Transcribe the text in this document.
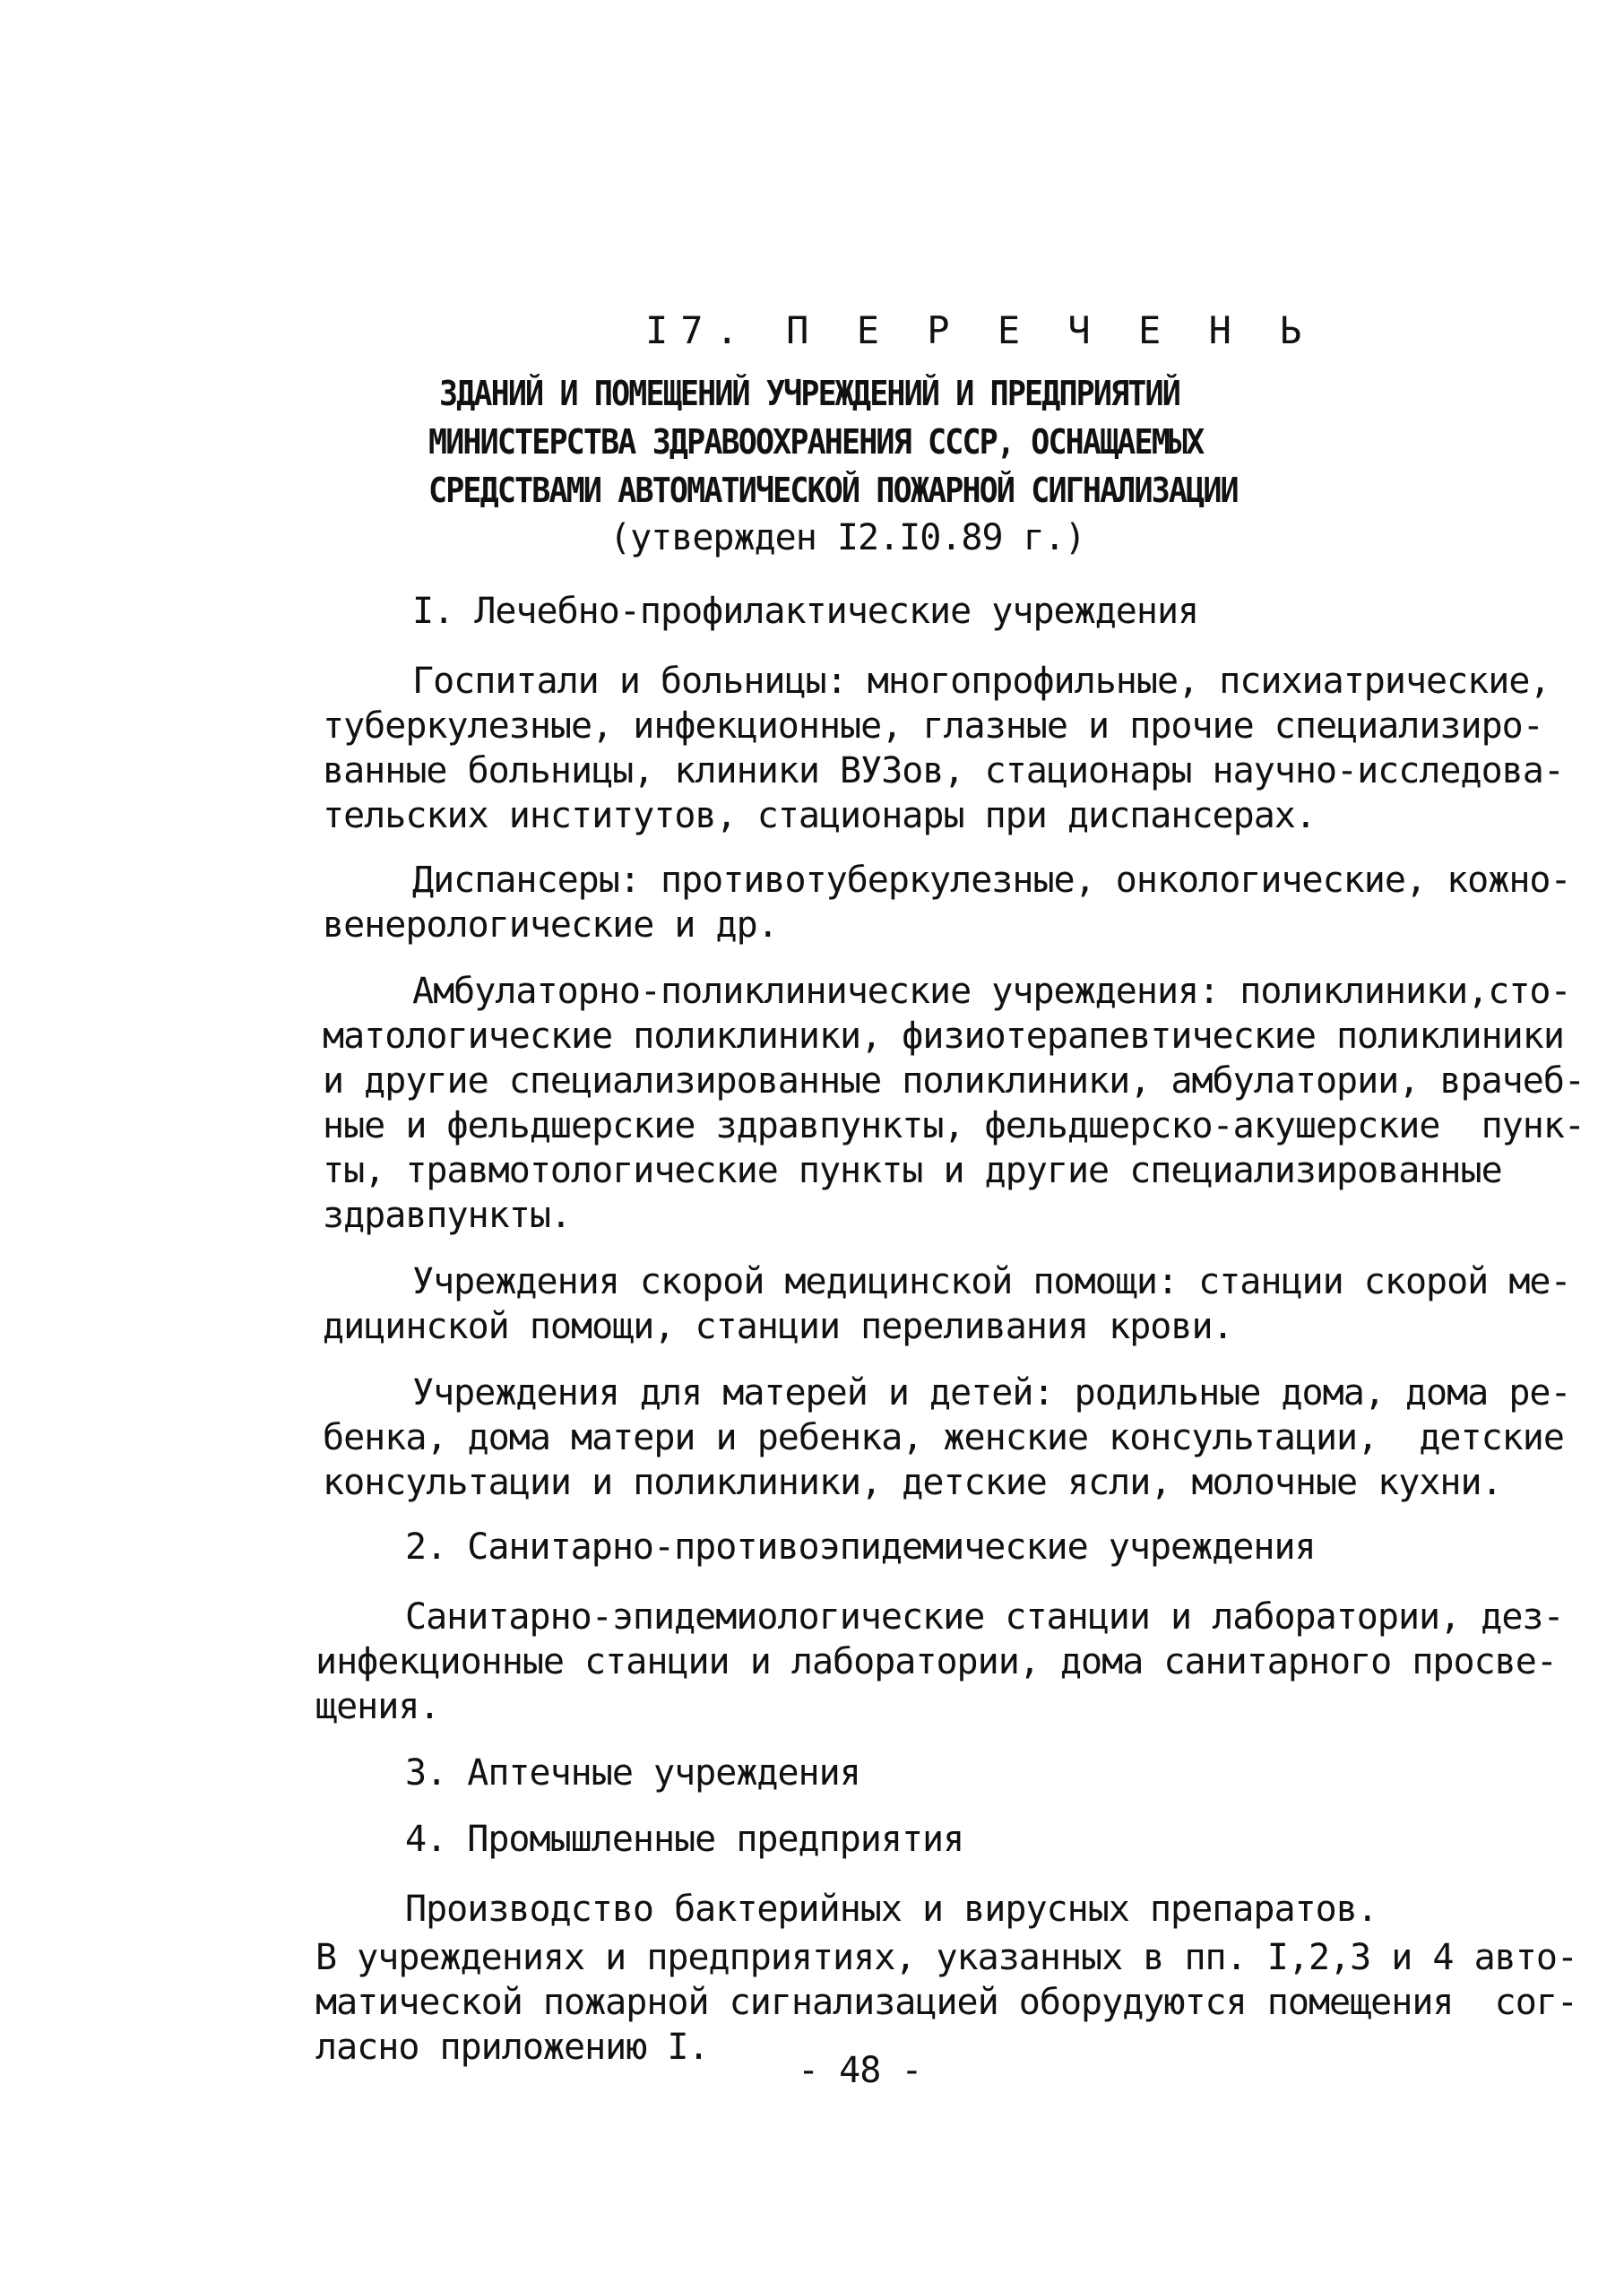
I7. П Е Р Е Ч Е Н Ь
ЗДАНИЙ И ПОМЕЩЕНИЙ УЧРЕЖДЕНИЙ И ПРЕДПРИЯТИЙ
МИНИСТЕРСТВА ЗДРАВООХРАНЕНИЯ СССР, ОСНАЩАЕМЫХ
СРЕДСТВАМИ АВТОМАТИЧЕСКОЙ ПОЖАРНОЙ СИГНАЛИЗАЦИИ
(утвержден I2.I0.89 г.)
I. Лечебно-профилактические учреждения
Госпитали и больницы: многопрофильные, психиатрические,
туберкулезные, инфекционные, глазные и прочие специализиро-
ванные больницы, клиники ВУЗов, стационары научно-исследова-
тельских институтов, стационары при диспансерах.
Диспансеры: противотуберкулезные, онкологические, кожно-
венерологические и др.
Амбулаторно-поликлинические учреждения: поликлиники,сто-
матологические поликлиники, физиотерапевтические поликлиники
и другие специализированные поликлиники, амбулатории, врачеб-
ные и фельдшерские здравпункты, фельдшерско-акушерские  пунк-
ты, травмотологические пункты и другие специализированные
здравпункты.
Учреждения скорой медицинской помощи: станции скорой ме-
дицинской помощи, станции переливания крови.
Учреждения для матерей и детей: родильные дома, дома ре-
бенка, дома матери и ребенка, женские консультации,  детские
консультации и поликлиники, детские ясли, молочные кухни.
2. Санитарно-противоэпидемические учреждения
Санитарно-эпидемиологические станции и лаборатории, дез-
инфекционные станции и лаборатории, дома санитарного просве-
щения.
3. Аптечные учреждения
4. Промышленные предприятия
Производство бактерийных и вирусных препаратов.
В учреждениях и предприятиях, указанных в пп. I,2,3 и 4 авто-
матической пожарной сигнализацией оборудуются помещения  сог-
ласно приложению I.
- 48 -
